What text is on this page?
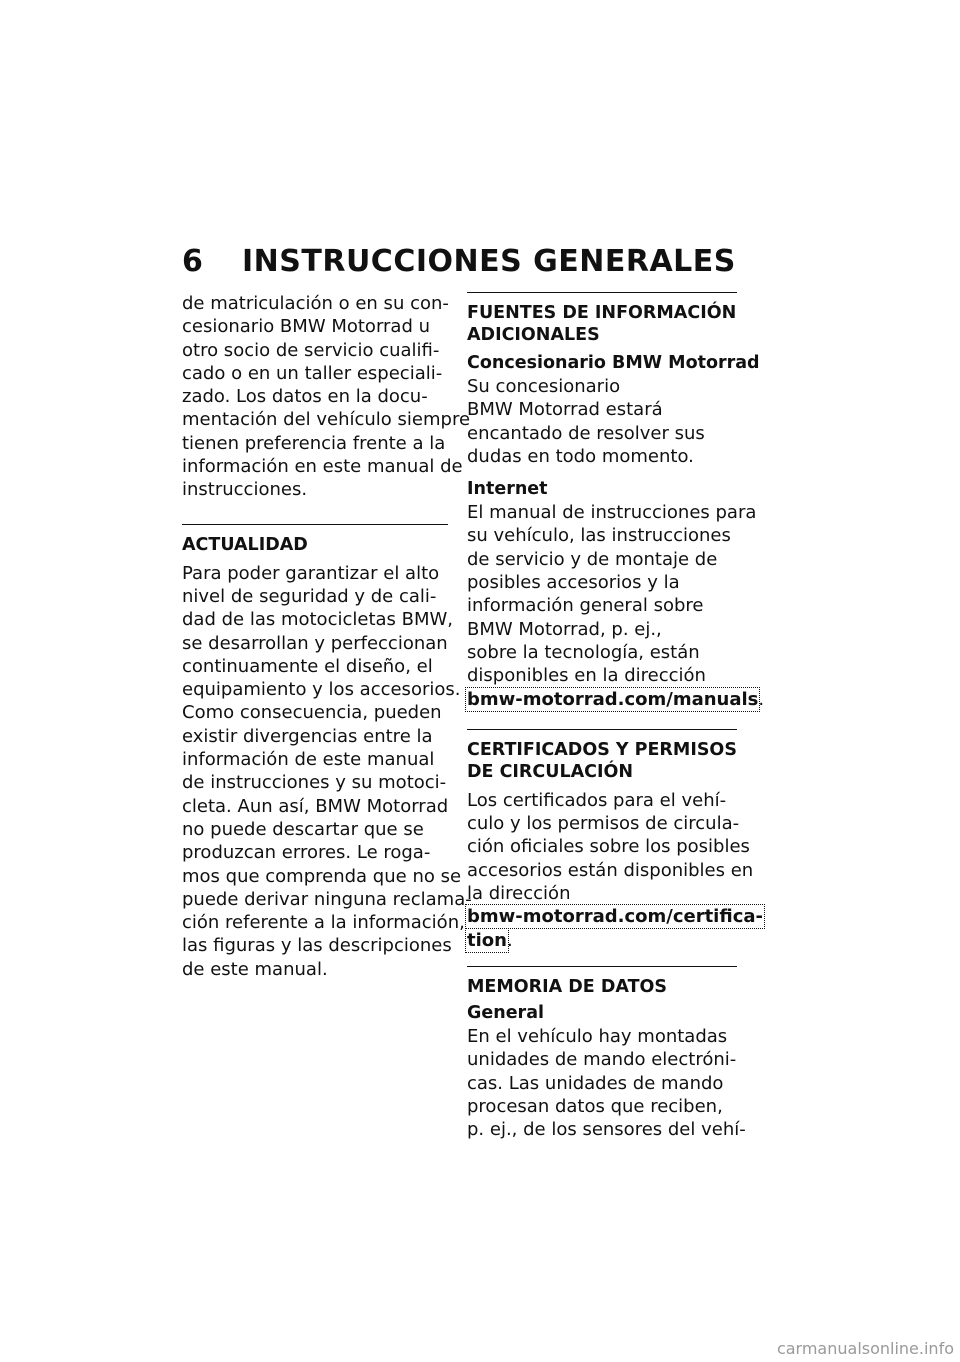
6 INSTRUCCIONES GENERALES

de matriculación o en su con-
cesionario BMW Motorrad u
otro socio de servicio cualifi-
cado o en un taller especiali-
zado. Los datos en la docu-
mentación del vehículo siempre
tienen preferencia frente a la
información en este manual de
instrucciones.

ACTUALIDAD

Para poder garantizar el alto
nivel de seguridad y de cali-
dad de las motocicletas BMW,
se desarrollan y perfeccionan
continuamente el diseño, el
equipamiento y los accesorios.
Como consecuencia, pueden
existir divergencias entre la
información de este manual
de instrucciones y su motoci-
cleta. Aun así, BMW Motorrad
no puede descartar que se
produzcan errores. Le roga-
mos que comprenda que no se
puede derivar ninguna reclama-
ción referente a la información,
las figuras y las descripciones
de este manual.

FUENTES DE INFORMACIÓN
ADICIONALES
Concesionario BMW Motorrad

Su concesionario
BMW Motorrad estará
encantado de resolver sus
dudas en todo momento.

Internet

El manual de instrucciones para
su vehículo, las instrucciones
de servicio y de montaje de
posibles accesorios y la
información general sobre
BMW Motorrad, p. ej.,
sobre la tecnología, están
disponibles en la dirección
bmw-motorrad.com/manuals.

CERTIFICADOS Y PERMISOS
DE CIRCULACIÓN

Los certificados para el vehí-
culo y los permisos de circula-
ción oficiales sobre los posibles
accesorios están disponibles en
la dirección
bmw-motorrad.com/certifica-
tion.

MEMORIA DE DATOS
General

En el vehículo hay montadas
unidades de mando electróni-
cas. Las unidades de mando
procesan datos que reciben,
p. ej., de los sensores del vehí-

carmanualsonline.info
